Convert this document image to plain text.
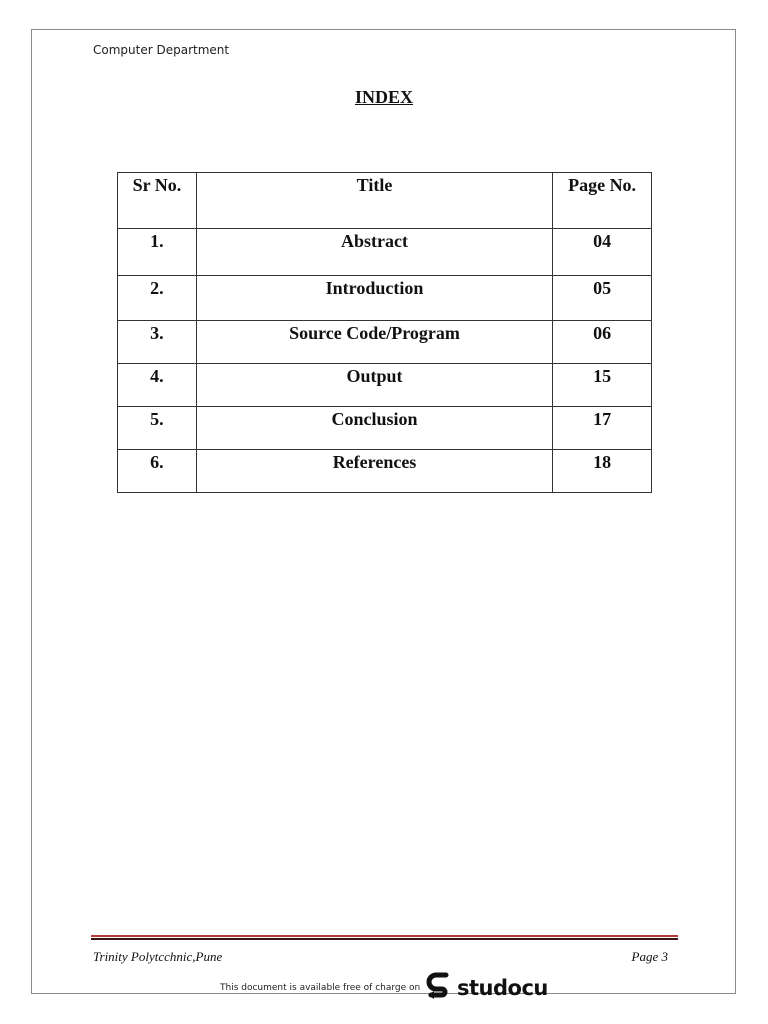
Computer Department
INDEX
Sr No.	Title	Page No.
1.	Abstract	04
2.	Introduction	05
3.	Source Code/Program	06
4.	Output	15
5.	Conclusion	17
6.	References	18
Trinity Polytcchnic,Pune	Page 3
This document is available free of charge on studocu
